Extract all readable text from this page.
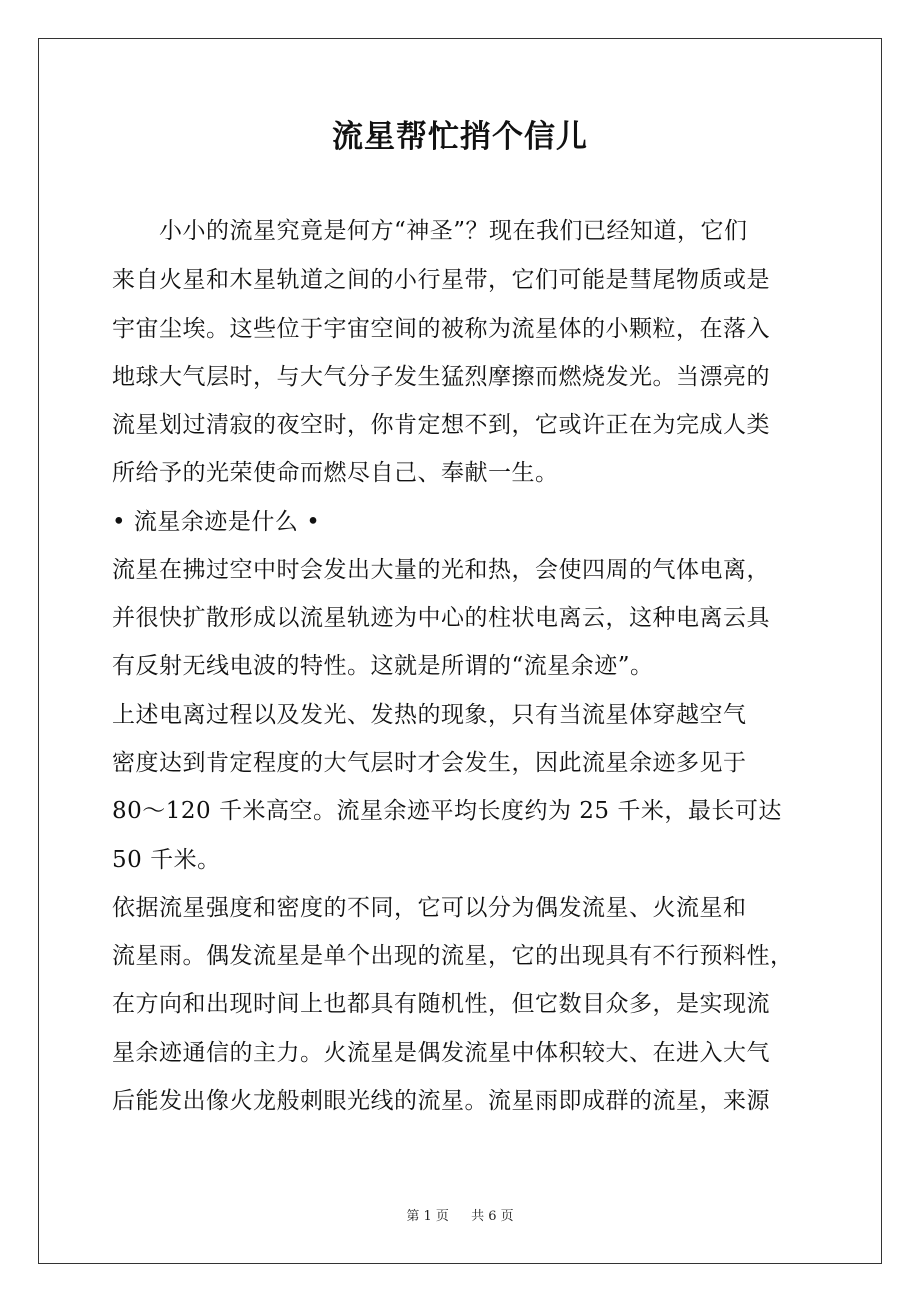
流星帮忙捎个信儿
　　小小的流星究竟是何方“神圣”？现在我们已经知道，它们
来自火星和木星轨道之间的小行星带，它们可能是彗尾物质或是
宇宙尘埃。这些位于宇宙空间的被称为流星体的小颗粒，在落入
地球大气层时，与大气分子发生猛烈摩擦而燃烧发光。当漂亮的
流星划过清寂的夜空时，你肯定想不到，它或许正在为完成人类
所给予的光荣使命而燃尽自己、奉献一生。
• 流星余迹是什么 •
流星在拂过空中时会发出大量的光和热，会使四周的气体电离，
并很快扩散形成以流星轨迹为中心的柱状电离云，这种电离云具
有反射无线电波的特性。这就是所谓的“流星余迹”。
上述电离过程以及发光、发热的现象，只有当流星体穿越空气
密度达到肯定程度的大气层时才会发生，因此流星余迹多见于
80～120 千米高空。流星余迹平均长度约为 25 千米，最长可达
50 千米。
依据流星强度和密度的不同，它可以分为偶发流星、火流星和
流星雨。偶发流星是单个出现的流星，它的出现具有不行预料性，
在方向和出现时间上也都具有随机性，但它数目众多，是实现流
星余迹通信的主力。火流星是偶发流星中体积较大、在进入大气
后能发出像火龙般刺眼光线的流星。流星雨即成群的流星，来源
第 1 页 共 6 页
